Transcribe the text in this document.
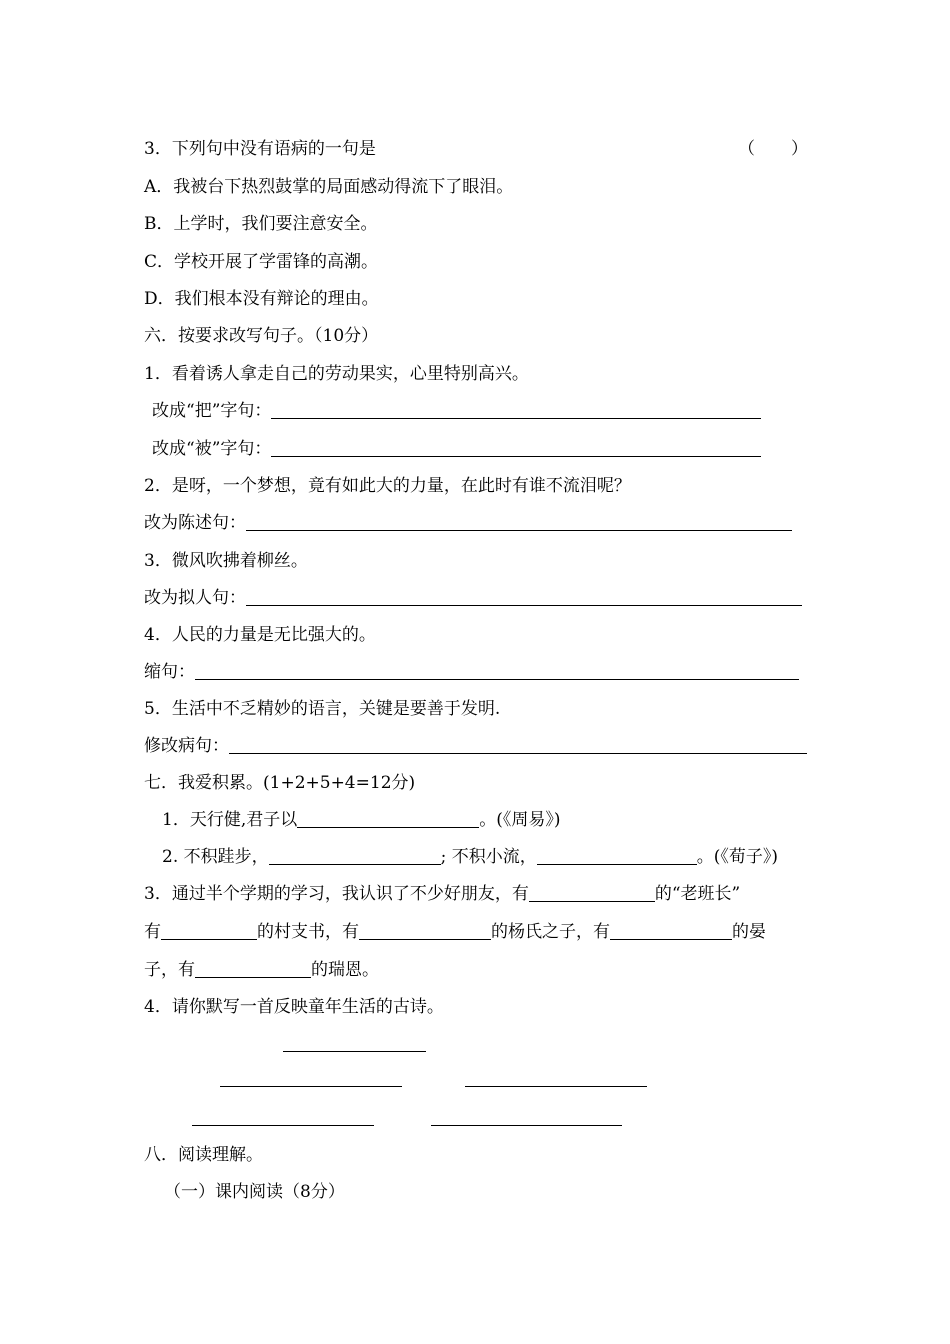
3．下列句中没有语病的一句是	（ ）
A．我被台下热烈鼓掌的局面感动得流下了眼泪。
B．上学时，我们要注意安全。
C．学校开展了学雷锋的高潮。
D．我们根本没有辩论的理由。
六．按要求改写句子。（10分）
1．看着诱人拿走自己的劳动果实，心里特别高兴。
改成“把”字句：
改成“被”字句：
2．是呀，一个梦想，竟有如此大的力量，在此时有谁不流泪呢？
改为陈述句：
3．微风吹拂着柳丝。
改为拟人句：
4．人民的力量是无比强大的。
缩句：
5．生活中不乏精妙的语言，关键是要善于发明.
修改病句：
七．我爱积累。(1+2+5+4=12分)
1．天行健,君子以	。(《周易》)
2. 不积跬步，	; 不积小流，	。(《荀子》)
3．通过半个学期的学习，我认识了不少好朋友，有	的“老班长”
有	的村支书，有	的杨氏之子，有	的晏
子，有	的瑞恩。
4．请你默写一首反映童年生活的古诗。
八．阅读理解。
（一）课内阅读（8分）
